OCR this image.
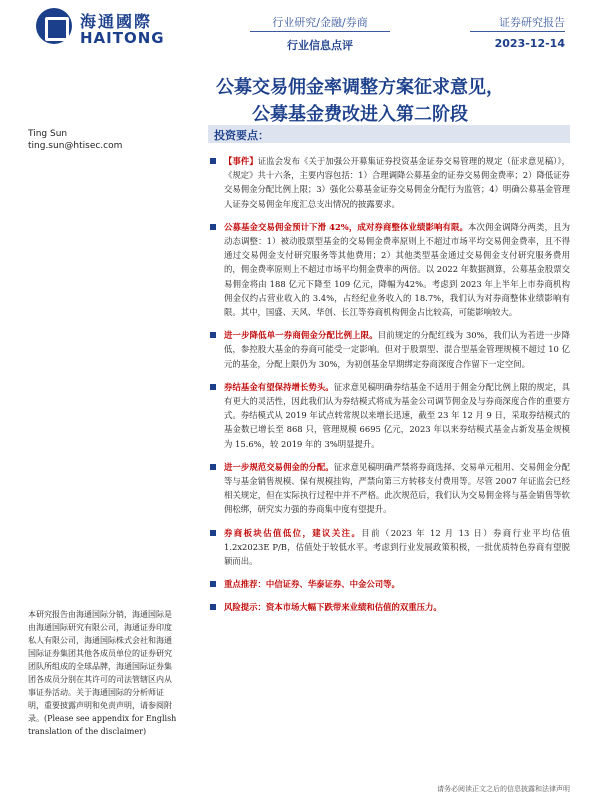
海通國際
HAITONG
行业研究/金融/券商
行业信息点评
证券研究报告
2023-12-14
公募交易佣金率调整方案征求意见，
公募基金费改进入第二阶段
Ting Sun
ting.sun@htisec.com
投资要点：
【事件】证监会发布《关于加强公开募集证券投资基金证券交易管理的规定（征求意见稿）》，《规定》共十六条，主要内容包括：1）合理调降公募基金的证券交易佣金费率；2）降低证券交易佣金分配比例上限；3）强化公募基金证券交易佣金分配行为监管；4）明确公募基金管理人证券交易佣金年度汇总支出情况的披露要求。
公募基金交易佣金预计下滑 42%，成对券商整体业绩影响有限。本次佣金调降分两类，且为动态调整：1）被动股票型基金的交易佣金费率原则上不超过市场平均交易佣金费率，且不得通过交易佣金支付研究服务等其他费用；2）其他类型基金通过交易佣金支付研究服务费用的，佣金费率原则上不超过市场平均佣金费率的两倍。以 2022 年数据测算，公募基金股票交易佣金将由 188 亿元下降至 109 亿元，降幅为42%。考虑到 2023 年上半年上市券商机构佣金仅约占营业收入的 3.4%，占经纪业务收入的 18.7%，我们认为对券商整体业绩影响有限。其中，国盛、天风、华创、长江等券商机构佣金占比较高，可能影响较大。
进一步降低单一券商佣金分配比例上限。目前规定的分配红线为 30%，我们认为若进一步降低，参控股大基金的券商可能受一定影响。但对于股票型、混合型基金管理规模不超过 10 亿元的基金，分配上限仍为 30%，为初创基金早期绑定券商深度合作留下一定空间。
券结基金有望保持增长势头。征求意见稿明确券结基金不适用于佣金分配比例上限的规定，具有更大的灵活性，因此我们认为券结模式将成为基金公司调节佣金及与券商深度合作的重要方式。券结模式从 2019 年试点转常规以来增长迅速，截至 23 年 12 月 9 日，采取券结模式的基金数已增长至 868 只，管理规模 6695 亿元，2023 年以来券结模式基金占新发基金规模为 15.6%，较 2019 年的 3%明显提升。
进一步规范交易佣金的分配。征求意见稿明确严禁将券商选择、交易单元租用、交易佣金分配等与基金销售规模、保有规模挂钩，严禁向第三方转移支付费用等。尽管 2007 年证监会已经相关规定，但在实际执行过程中并不严格。此次规范后，我们认为交易佣金将与基金销售等软佣松绑，研究实力强的券商集中度有望提升。
券商板块估值低位，建议关注。目前（2023 年 12 月 13 日）券商行业平均估值 1.2x2023E P/B，估值处于较低水平。考虑到行业发展政策积极，一批优质特色券商有望脱颖而出。
重点推荐：中信证券、华泰证券、中金公司等。
风险提示：资本市场大幅下跌带来业绩和估值的双重压力。
本研究报告由海通国际分销，海通国际是由海通国际研究有限公司，海通证券印度私人有限公司，海通国际株式会社和海通国际证券集团其他各成员单位的证券研究团队所组成的全球品牌，海通国际证券集团各成员分别在其许可的司法管辖区内从事证券活动。关于海通国际的分析师证明，重要披露声明和免责声明，请参阅附录。(Please see appendix for English translation of the disclaimer)
请务必阅读正文之后的信息披露和法律声明
